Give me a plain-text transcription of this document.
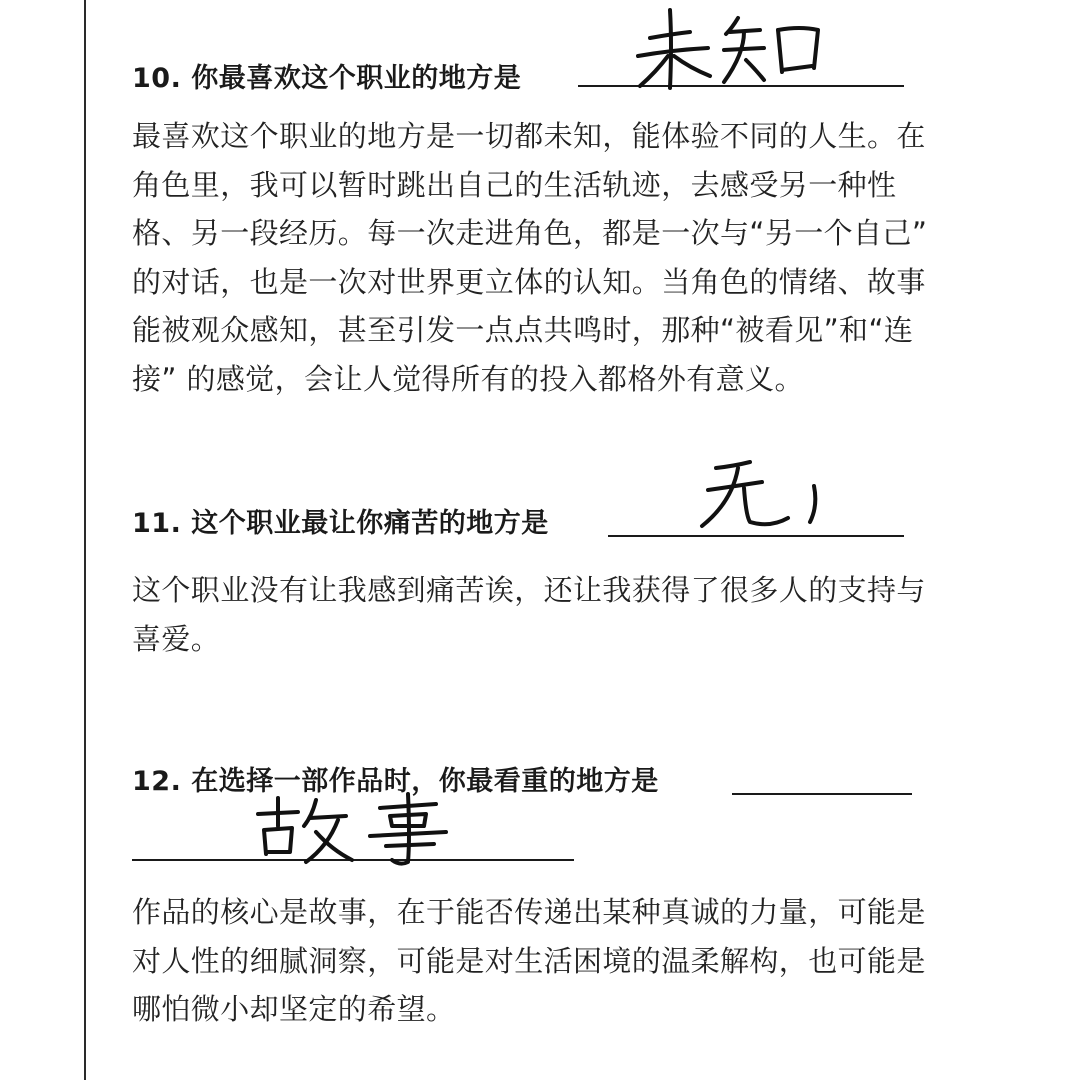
10. 你最喜欢这个职业的地方是
最喜欢这个职业的地方是一切都未知，能体验不同的人生。在角色里，我可以暂时跳出自己的生活轨迹，去感受另一种性格、另一段经历。每一次走进角色，都是一次与“另一个自己” 的对话，也是一次对世界更立体的认知。当角色的情绪、故事能被观众感知，甚至引发一点点共鸣时，那种“被看见”和“连接” 的感觉，会让人觉得所有的投入都格外有意义。
11. 这个职业最让你痛苦的地方是
这个职业没有让我感到痛苦诶，还让我获得了很多人的支持与喜爱。
12. 在选择一部作品时，你最看重的地方是
作品的核心是故事，在于能否传递出某种真诚的力量，可能是对人性的细腻洞察，可能是对生活困境的温柔解构，也可能是哪怕微小却坚定的希望。
